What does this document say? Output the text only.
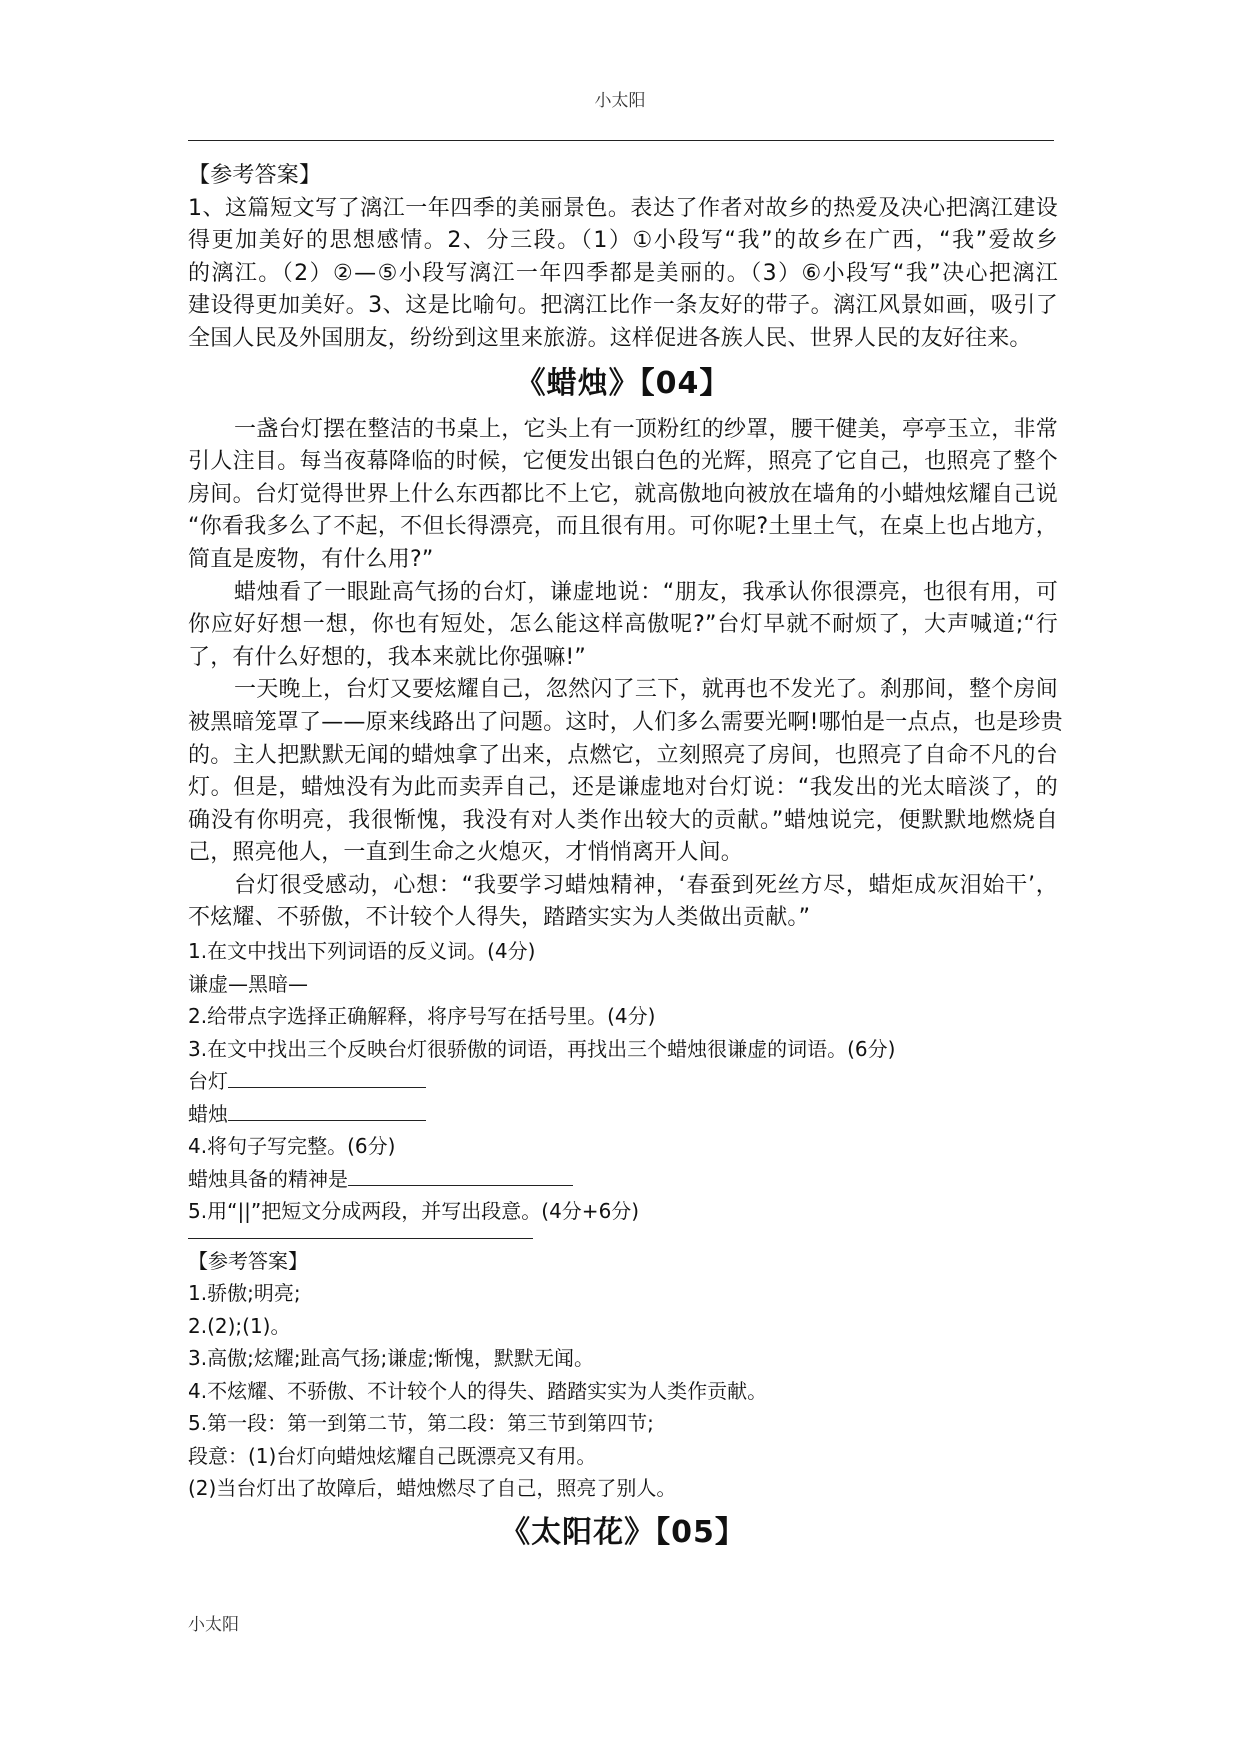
小太阳
【参考答案】
1、这篇短文写了漓江一年四季的美丽景色。表达了作者对故乡的热爱及决心把漓江建设
得更加美好的思想感情。2、分三段。（1）①小段写“我”的故乡在广西，“我”爱故乡
的漓江。（2）②—⑤小段写漓江一年四季都是美丽的。（3）⑥小段写“我”决心把漓江
建设得更加美好。3、这是比喻句。把漓江比作一条友好的带子。漓江风景如画，吸引了
全国人民及外国朋友，纷纷到这里来旅游。这样促进各族人民、世界人民的友好往来。
《蜡烛》【04】
一盏台灯摆在整洁的书桌上，它头上有一顶粉红的纱罩，腰干健美，亭亭玉立，非常
引人注目。每当夜幕降临的时候，它便发出银白色的光辉，照亮了它自己，也照亮了整个
房间。台灯觉得世界上什么东西都比不上它，就高傲地向被放在墙角的小蜡烛炫耀自己说
“你看我多么了不起，不但长得漂亮，而且很有用。可你呢?土里土气，在桌上也占地方，
简直是废物，有什么用?”
蜡烛看了一眼趾高气扬的台灯，谦虚地说：“朋友，我承认你很漂亮，也很有用，可
你应好好想一想，你也有短处，怎么能这样高傲呢?”台灯早就不耐烦了，大声喊道;“行
了，有什么好想的，我本来就比你强嘛!”
一天晚上，台灯又要炫耀自己，忽然闪了三下，就再也不发光了。刹那间，整个房间
被黑暗笼罩了——原来线路出了问题。这时，人们多么需要光啊!哪怕是一点点，也是珍贵
的。主人把默默无闻的蜡烛拿了出来，点燃它，立刻照亮了房间，也照亮了自命不凡的台
灯。但是，蜡烛没有为此而卖弄自己，还是谦虚地对台灯说：“我发出的光太暗淡了，的
确没有你明亮，我很惭愧，我没有对人类作出较大的贡献。”蜡烛说完，便默默地燃烧自
己，照亮他人，一直到生命之火熄灭，才悄悄离开人间。
台灯很受感动，心想：“我要学习蜡烛精神，‘春蚕到死丝方尽，蜡炬成灰泪始干’，
不炫耀、不骄傲，不计较个人得失，踏踏实实为人类做出贡献。”
1.在文中找出下列词语的反义词。(4分)
谦虚—黑暗—
2.给带点字选择正确解释，将序号写在括号里。(4分)
3.在文中找出三个反映台灯很骄傲的词语，再找出三个蜡烛很谦虚的词语。(6分)
台灯
蜡烛
4.将句子写完整。(6分)
蜡烛具备的精神是
5.用“||”把短文分成两段，并写出段意。(4分+6分)
【参考答案】
1.骄傲;明亮;
2.(2);(1)。
3.高傲;炫耀;趾高气扬;谦虚;惭愧，默默无闻。
4.不炫耀、不骄傲、不计较个人的得失、踏踏实实为人类作贡献。
5.第一段：第一到第二节，第二段：第三节到第四节;
段意：(1)台灯向蜡烛炫耀自己既漂亮又有用。
(2)当台灯出了故障后，蜡烛燃尽了自己，照亮了别人。
《太阳花》【05】
小太阳
